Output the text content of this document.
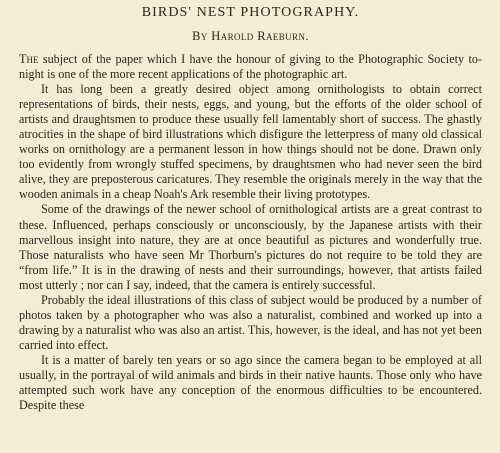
BIRDS' NEST PHOTOGRAPHY.
By Harold Raeburn.

The subject of the paper which I have the honour of giving to the Photographic Society to-night is one of the more recent applications of the photographic art.

It has long been a greatly desired object among ornithologists to obtain correct representations of birds, their nests, eggs, and young, but the efforts of the older school of artists and draughtsmen to produce these usually fell lamentably short of success. The ghastly atrocities in the shape of bird illustrations which disfigure the letterpress of many old classical works on ornithology are a permanent lesson in how things should not be done. Drawn only too evidently from wrongly stuffed specimens, by draughtsmen who had never seen the bird alive, they are preposterous caricatures. They resemble the originals merely in the way that the wooden animals in a cheap Noah's Ark resemble their living prototypes.

Some of the drawings of the newer school of ornithological artists are a great contrast to these. Influenced, perhaps consciously or unconsciously, by the Japanese artists with their marvellous insight into nature, they are at once beautiful as pictures and wonderfully true. Those naturalists who have seen Mr Thorburn's pictures do not require to be told they are “from life.” It is in the drawing of nests and their surroundings, however, that artists failed most utterly ; nor can I say, indeed, that the camera is entirely successful.

Probably the ideal illustrations of this class of subject would be produced by a number of photos taken by a photographer who was also a naturalist, combined and worked up into a drawing by a naturalist who was also an artist. This, however, is the ideal, and has not yet been carried into effect.

It is a matter of barely ten years or so ago since the camera began to be employed at all usually, in the portrayal of wild animals and birds in their native haunts. Those only who have attempted such work have any conception of the enormous difficulties to be encountered. Despite these
